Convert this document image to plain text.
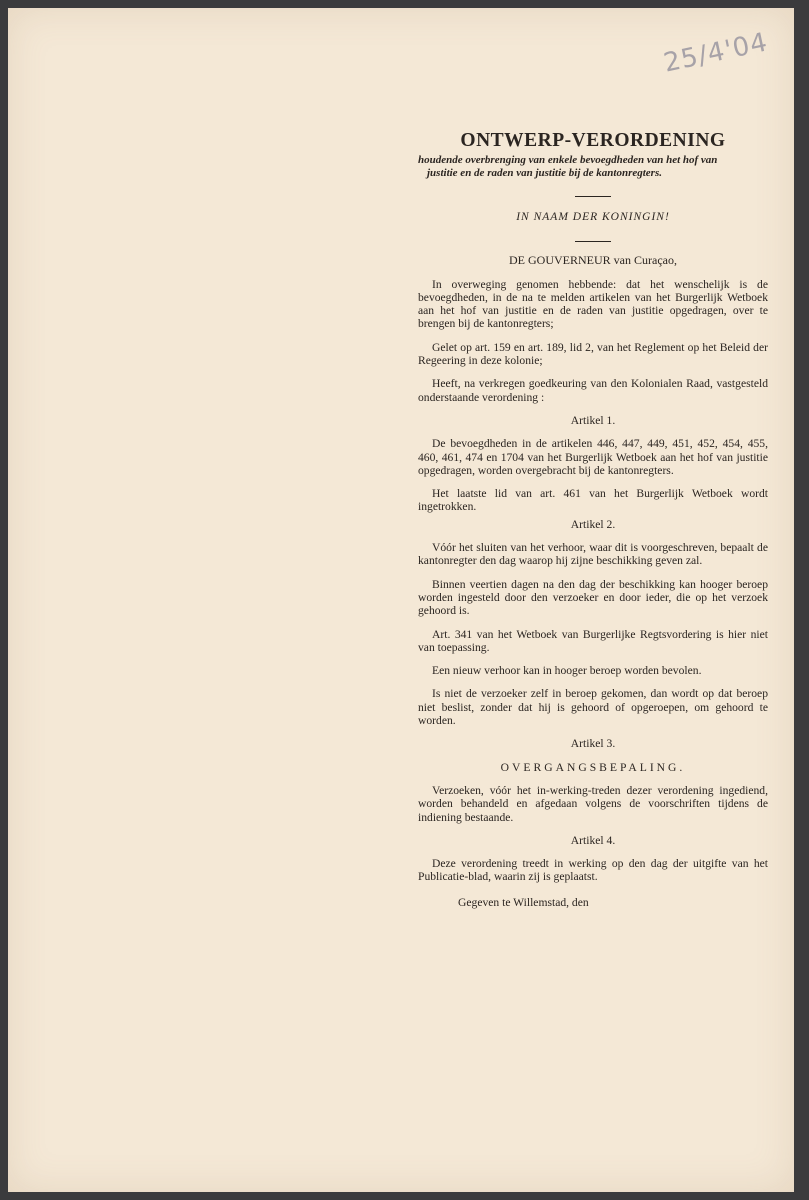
25/4'04
ONTWERP-VERORDENING
houdende overbrenging van enkele bevoegdheden van het hof van
justitie en de raden van justitie bij de kantonregters.

IN NAAM DER KONINGIN!

DE GOUVERNEUR van Curaçao,

In overweging genomen hebbende: dat het wenschelijk is de bevoegdheden, in de na te melden artikelen van het Burgerlijk Wetboek aan het hof van justitie en de raden van justitie opgedragen, over te brengen bij de kantonregters;

Gelet op art. 159 en art. 189, lid 2, van het Reglement op het Beleid der Regeering in deze kolonie;

Heeft, na verkregen goedkeuring van den Kolonialen Raad, vastgesteld onderstaande verordening :

Artikel 1.

De bevoegdheden in de artikelen 446, 447, 449, 451, 452, 454, 455, 460, 461, 474 en 1704 van het Burgerlijk Wetboek aan het hof van justitie opgedragen, worden overgebracht bij de kantonregters.

Het laatste lid van art. 461 van het Burgerlijk Wetboek wordt ingetrokken.

Artikel 2.

Vóór het sluiten van het verhoor, waar dit is voorgeschreven, bepaalt de kantonregter den dag waarop hij zijne beschikking geven zal.

Binnen veertien dagen na den dag der beschikking kan hooger beroep worden ingesteld door den verzoeker en door ieder, die op het verzoek gehoord is.

Art. 341 van het Wetboek van Burgerlijke Regtsvordering is hier niet van toepassing.

Een nieuw verhoor kan in hooger beroep worden bevolen.

Is niet de verzoeker zelf in beroep gekomen, dan wordt op dat beroep niet beslist, zonder dat hij is gehoord of opgeroepen, om gehoord te worden.

Artikel 3.

OVERGANGSBEPALING.

Verzoeken, vóór het in-werking-treden dezer verordening ingediend, worden behandeld en afgedaan volgens de voorschriften tijdens de indiening bestaande.

Artikel 4.

Deze verordening treedt in werking op den dag der uitgifte van het Publicatie-blad, waarin zij is geplaatst.

Gegeven te Willemstad, den
